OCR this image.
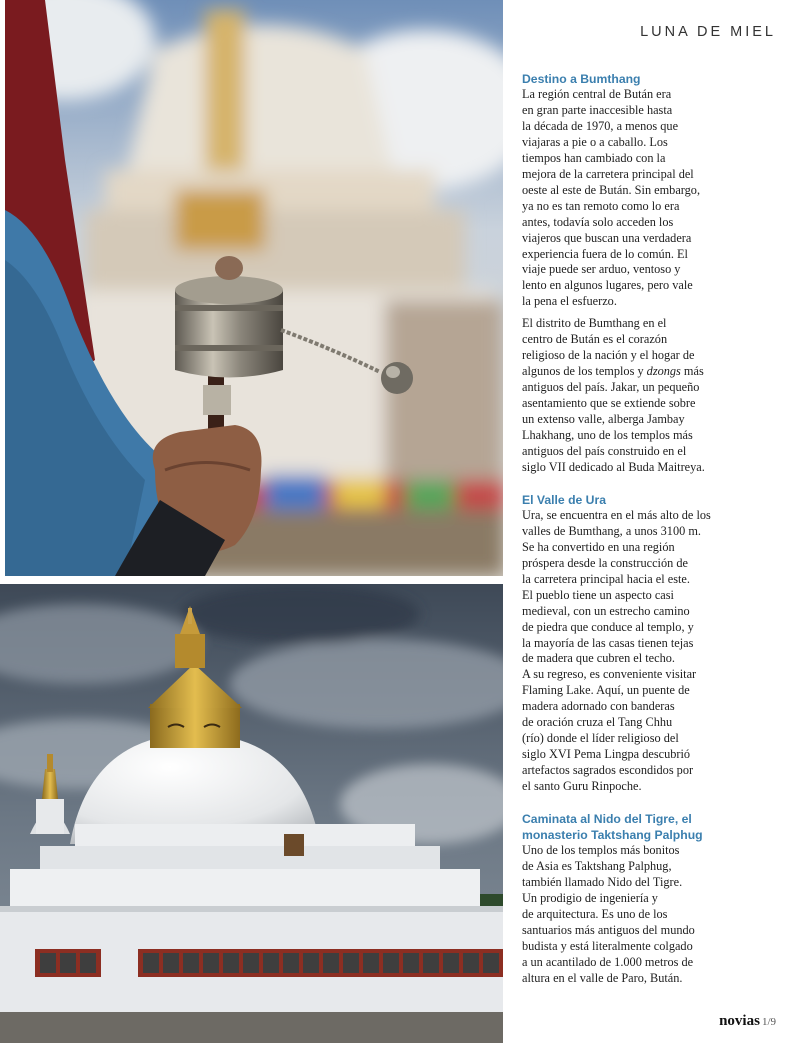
LUNA DE MIEL
Destino a Bumthang

La región central de Bután era
en gran parte inaccesible hasta
la década de 1970, a menos que
viajaras a pie o a caballo. Los
tiempos han cambiado con la
mejora de la carretera principal del
oeste al este de Bután. Sin embargo,
ya no es tan remoto como lo era
antes, todavía solo acceden los
viajeros que buscan una verdadera
experiencia fuera de lo común. El
viaje puede ser arduo, ventoso y
lento en algunos lugares, pero vale
la pena el esfuerzo.

El distrito de Bumthang en el
centro de Bután es el corazón
religioso de la nación y el hogar de
algunos de los templos y dzongs más
antiguos del país. Jakar, un pequeño
asentamiento que se extiende sobre
un extenso valle, alberga Jambay
Lhakhang, uno de los templos más
antiguos del país construido en el
siglo VII dedicado al Buda Maitreya.

El Valle de Ura

Ura, se encuentra en el más alto de los
valles de Bumthang, a unos 3100 m.
Se ha convertido en una región
próspera desde la construcción de
la carretera principal hacia el este.
El pueblo tiene un aspecto casi
medieval, con un estrecho camino
de piedra que conduce al templo, y
la mayoría de las casas tienen tejas
de madera que cubren el techo.
A su regreso, es conveniente visitar
Flaming Lake. Aquí, un puente de
madera adornado con banderas
de oración cruza el Tang Chhu
(río) donde el líder religioso del
siglo XVI Pema Lingpa descubrió
artefactos sagrados escondidos por
el santo Guru Rinpoche.

Caminata al Nido del Tigre, el
monasterio Taktshang Palphug

Uno de los templos más bonitos
de Asia es Taktshang Palphug,
también llamado Nido del Tigre.
Un prodigio de ingeniería y
de arquitectura. Es uno de los
santuarios más antiguos del mundo
budista y está literalmente colgado
a un acantilado de 1.000 metros de
altura en el valle de Paro, Bután.

novias 1/9
